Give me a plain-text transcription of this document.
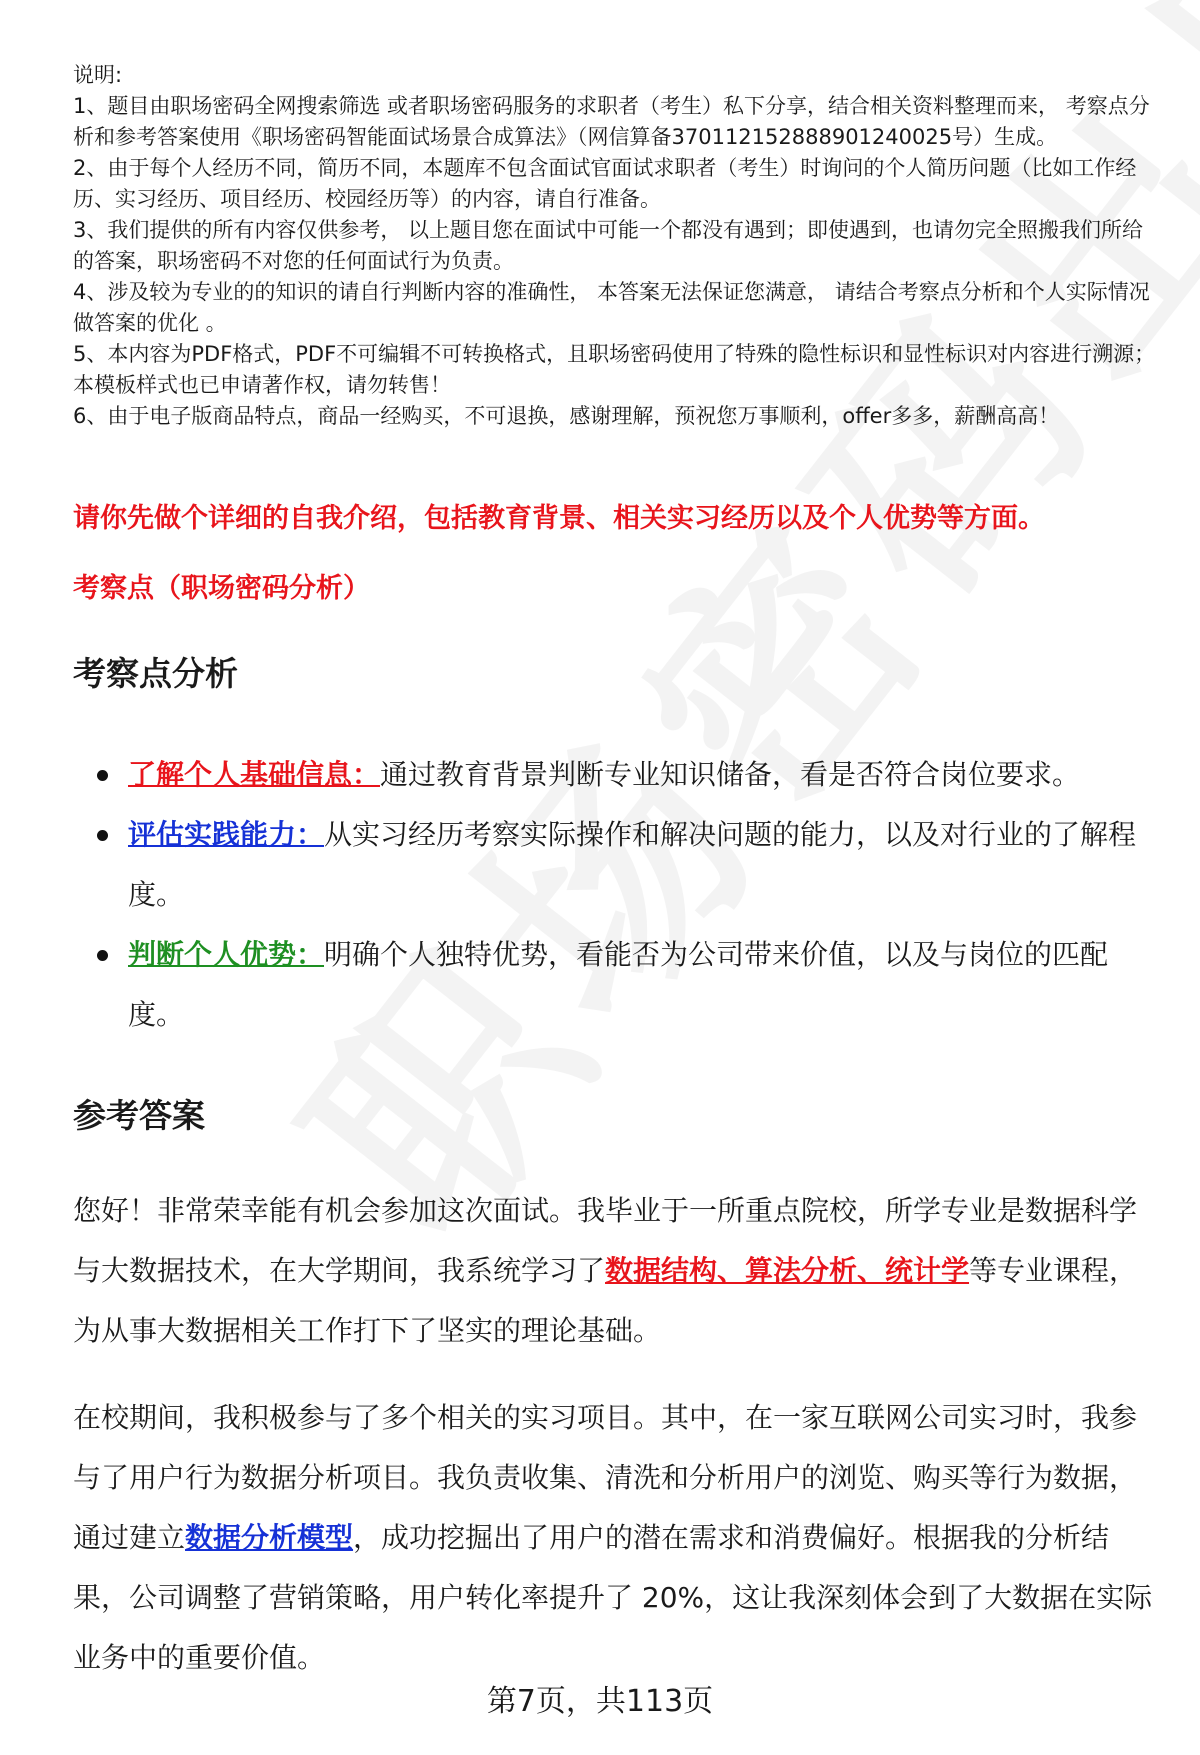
说明:

1、题目由职场密码全网搜索筛选 或者职场密码服务的求职者（考生）私下分享，结合相关资料整理而来， 考察点分析和参考答案使用《职场密码智能面试场景合成算法》（网信算备370112152888901240025号）生成。

2、由于每个人经历不同，简历不同，本题库不包含面试官面试求职者（考生）时询问的个人简历问题（比如工作经历、实习经历、项目经历、校园经历等）的内容，请自行准备。

3、我们提供的所有内容仅供参考， 以上题目您在面试中可能一个都没有遇到；即使遇到，也请勿完全照搬我们所给的答案，职场密码不对您的任何面试行为负责。

4、涉及较为专业的的知识的请自行判断内容的准确性， 本答案无法保证您满意， 请结合考察点分析和个人实际情况做答案的优化 。

5、本内容为PDF格式，PDF不可编辑不可转换格式，且职场密码使用了特殊的隐性标识和显性标识对内容进行溯源；本模板样式也已申请著作权，请勿转售！

6、由于电子版商品特点，商品一经购买，不可退换，感谢理解，预祝您万事顺利，offer多多，薪酬高高！

请你先做个详细的自我介绍，包括教育背景、相关实习经历以及个人优势等方面。
考察点（职场密码分析）
考察点分析
了解个人基础信息：通过教育背景判断专业知识储备，看是否符合岗位要求。
评估实践能力：从实习经历考察实际操作和解决问题的能力，以及对行业的了解程度。
判断个人优势：明确个人独特优势，看能否为公司带来价值，以及与岗位的匹配度。
参考答案

您好！非常荣幸能有机会参加这次面试。我毕业于一所重点院校，所学专业是数据科学与大数据技术，在大学期间，我系统学习了数据结构、算法分析、统计学等专业课程，为从事大数据相关工作打下了坚实的理论基础。

在校期间，我积极参与了多个相关的实习项目。其中，在一家互联网公司实习时，我参与了用户行为数据分析项目。我负责收集、清洗和分析用户的浏览、购买等行为数据，通过建立数据分析模型，成功挖掘出了用户的潜在需求和消费偏好。根据我的分析结果，公司调整了营销策略，用户转化率提升了 20%，这让我深刻体会到了大数据在实际业务中的重要价值。

第7页，共113页
